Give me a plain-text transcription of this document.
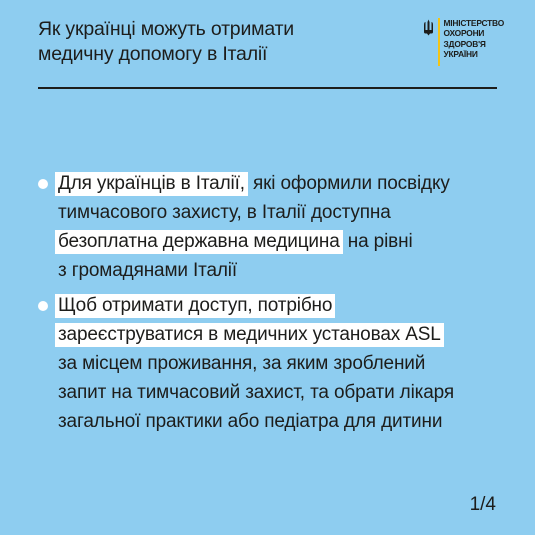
Як українці можуть отримати
медичну допомогу в Італії
МІНІСТЕРСТВО
ОХОРОНИ
ЗДОРОВ'Я
УКРАЇНИ
Для українців в Італії, які оформили посвідку
тимчасового захисту, в Італії доступна
безоплатна державна медицина на рівні
з громадянами Італії
Щоб отримати доступ, потрібно
зареєструватися в медичних установах ASL
за місцем проживання, за яким зроблений
запит на тимчасовий захист, та обрати лікаря
загальної практики або педіатра для дитини
1/4
